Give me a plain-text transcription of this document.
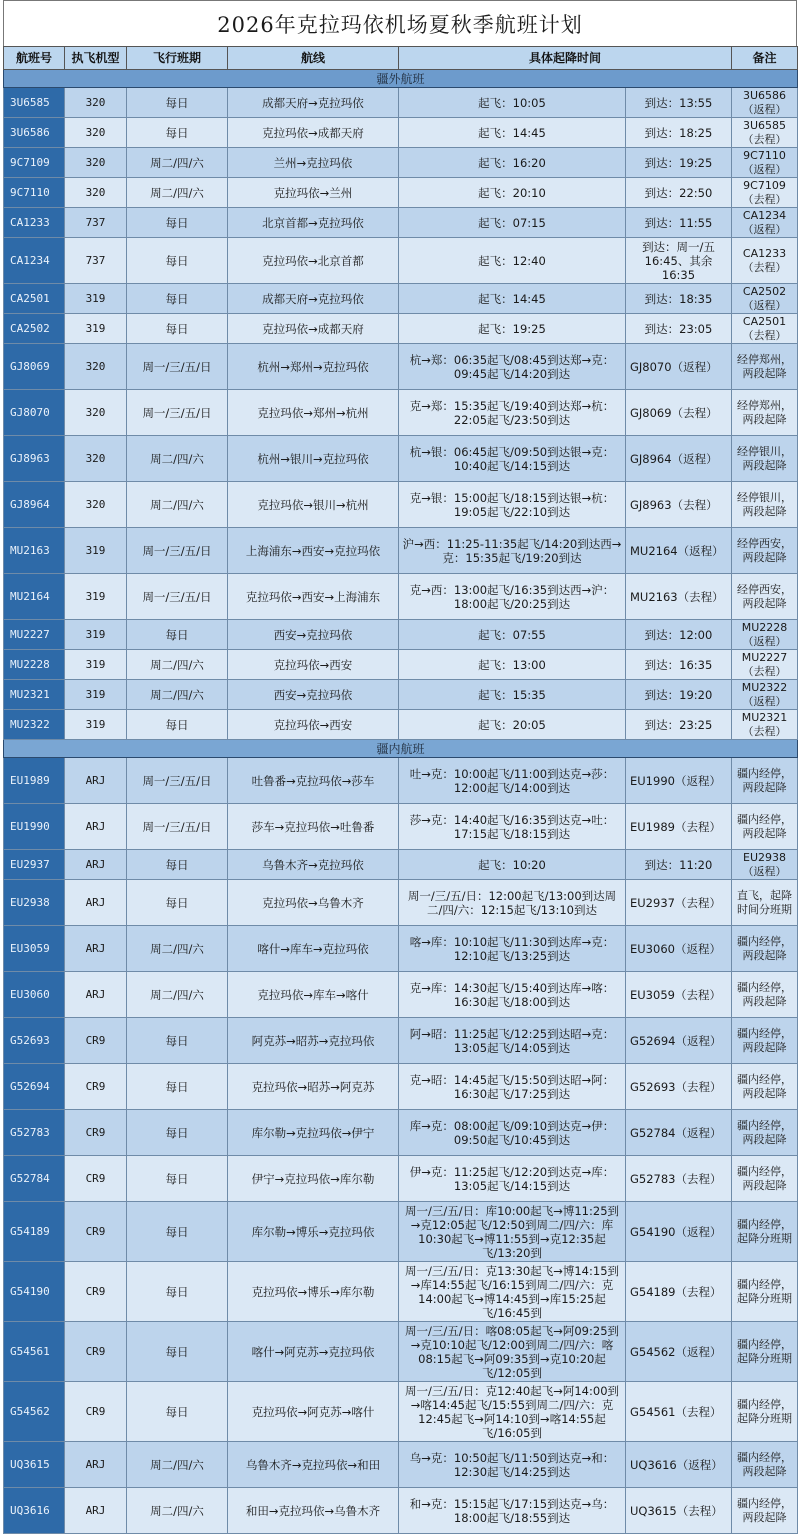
2026年克拉玛依机场夏秋季航班计划
航班号	执飞机型	飞行班期	航线	具体起降时间		备注
疆外航班						
3U6585	320	每日	成都天府→克拉玛依	起飞：10:05	到达：13:55	3U6586（返程）
3U6586	320	每日	克拉玛依→成都天府	起飞：14:45	到达：18:25	3U6585（去程）
9C7109	320	周二/四/六	兰州→克拉玛依	起飞：16:20	到达：19:25	9C7110（返程）
9C7110	320	周二/四/六	克拉玛依→兰州	起飞：20:10	到达：22:50	9C7109（去程）
CA1233	737	每日	北京首都→克拉玛依	起飞：07:15	到达：11:55	CA1234（返程）
CA1234	737	每日	克拉玛依→北京首都	起飞：12:40	到达：周一/五 16:45、其余 16:35	CA1233（去程）
CA2501	319	每日	成都天府→克拉玛依	起飞：14:45	到达：18:35	CA2502（返程）
CA2502	319	每日	克拉玛依→成都天府	起飞：19:25	到达：23:05	CA2501（去程）
GJ8069	320	周一/三/五/日	杭州→郑州→克拉玛依	杭→郑：06:35起飞/08:45到达郑→克：09:45起飞/14:20到达	GJ8070（返程）	经停郑州，两段起降
GJ8070	320	周一/三/五/日	克拉玛依→郑州→杭州	克→郑：15:35起飞/19:40到达郑→杭：22:05起飞/23:50到达	GJ8069（去程）	经停郑州，两段起降
GJ8963	320	周二/四/六	杭州→银川→克拉玛依	杭→银：06:45起飞/09:50到达银→克：10:40起飞/14:15到达	GJ8964（返程）	经停银川，两段起降
GJ8964	320	周二/四/六	克拉玛依→银川→杭州	克→银：15:00起飞/18:15到达银→杭：19:05起飞/22:10到达	GJ8963（去程）	经停银川，两段起降
MU2163	319	周一/三/五/日	上海浦东→西安→克拉玛依	沪→西：11:25-11:35起飞/14:20到达西→克：15:35起飞/19:20到达	MU2164（返程）	经停西安，两段起降
MU2164	319	周一/三/五/日	克拉玛依→西安→上海浦东	克→西：13:00起飞/16:35到达西→沪：18:00起飞/20:25到达	MU2163（去程）	经停西安，两段起降
MU2227	319	每日	西安→克拉玛依	起飞：07:55	到达：12:00	MU2228（返程）
MU2228	319	周二/四/六	克拉玛依→西安	起飞：13:00	到达：16:35	MU2227（去程）
MU2321	319	周二/四/六	西安→克拉玛依	起飞：15:35	到达：19:20	MU2322（返程）
MU2322	319	每日	克拉玛依→西安	起飞：20:05	到达：23:25	MU2321（去程）
疆内航班						
EU1989	ARJ	周一/三/五/日	吐鲁番→克拉玛依→莎车	吐→克：10:00起飞/11:00到达克→莎：12:00起飞/14:00到达	EU1990（返程）	疆内经停，两段起降
EU1990	ARJ	周一/三/五/日	莎车→克拉玛依→吐鲁番	莎→克：14:40起飞/16:35到达克→吐：17:15起飞/18:15到达	EU1989（去程）	疆内经停，两段起降
EU2937	ARJ	每日	乌鲁木齐→克拉玛依	起飞：10:20	到达：11:20	EU2938（返程）
EU2938	ARJ	每日	克拉玛依→乌鲁木齐	周一/三/五/日：12:00起飞/13:00到达周二/四/六：12:15起飞/13:10到达	EU2937（去程）	直飞，起降时间分班期
EU3059	ARJ	周二/四/六	喀什→库车→克拉玛依	喀→库：10:10起飞/11:30到达库→克：12:10起飞/13:25到达	EU3060（返程）	疆内经停，两段起降
EU3060	ARJ	周二/四/六	克拉玛依→库车→喀什	克→库：14:30起飞/15:40到达库→喀：16:30起飞/18:00到达	EU3059（去程）	疆内经停，两段起降
G52693	CR9	每日	阿克苏→昭苏→克拉玛依	阿→昭：11:25起飞/12:25到达昭→克：13:05起飞/14:05到达	G52694（返程）	疆内经停，两段起降
G52694	CR9	每日	克拉玛依→昭苏→阿克苏	克→昭：14:45起飞/15:50到达昭→阿：16:30起飞/17:25到达	G52693（去程）	疆内经停，两段起降
G52783	CR9	每日	库尔勒→克拉玛依→伊宁	库→克：08:00起飞/09:10到达克→伊：09:50起飞/10:45到达	G52784（返程）	疆内经停，两段起降
G52784	CR9	每日	伊宁→克拉玛依→库尔勒	伊→克：11:25起飞/12:20到达克→库：13:05起飞/14:15到达	G52783（去程）	疆内经停，两段起降
G54189	CR9	每日	库尔勒→博乐→克拉玛依	周一/三/五/日：库10:00起飞→博11:25到→克12:05起飞/12:50到周二/四/六：库10:30起飞→博11:55到→克12:35起飞/13:20到	G54190（返程）	疆内经停，起降分班期
G54190	CR9	每日	克拉玛依→博乐→库尔勒	周一/三/五/日：克13:30起飞→博14:15到→库14:55起飞/16:15到周二/四/六：克14:00起飞→博14:45到→库15:25起飞/16:45到	G54189（去程）	疆内经停，起降分班期
G54561	CR9	每日	喀什→阿克苏→克拉玛依	周一/三/五/日：喀08:05起飞→阿09:25到→克10:10起飞/12:00到周二/四/六：喀08:15起飞→阿09:35到→克10:20起飞/12:05到	G54562（返程）	疆内经停，起降分班期
G54562	CR9	每日	克拉玛依→阿克苏→喀什	周一/三/五/日：克12:40起飞→阿14:00到→喀14:45起飞/15:55到周二/四/六：克12:45起飞→阿14:10到→喀14:55起飞/16:05到	G54561（去程）	疆内经停，起降分班期
UQ3615	ARJ	周二/四/六	乌鲁木齐→克拉玛依→和田	乌→克：10:50起飞/11:50到达克→和：12:30起飞/14:25到达	UQ3616（返程）	疆内经停，两段起降
UQ3616	ARJ	周二/四/六	和田→克拉玛依→乌鲁木齐	和→克：15:15起飞/17:15到达克→乌：18:00起飞/18:55到达	UQ3615（去程）	疆内经停，两段起降
